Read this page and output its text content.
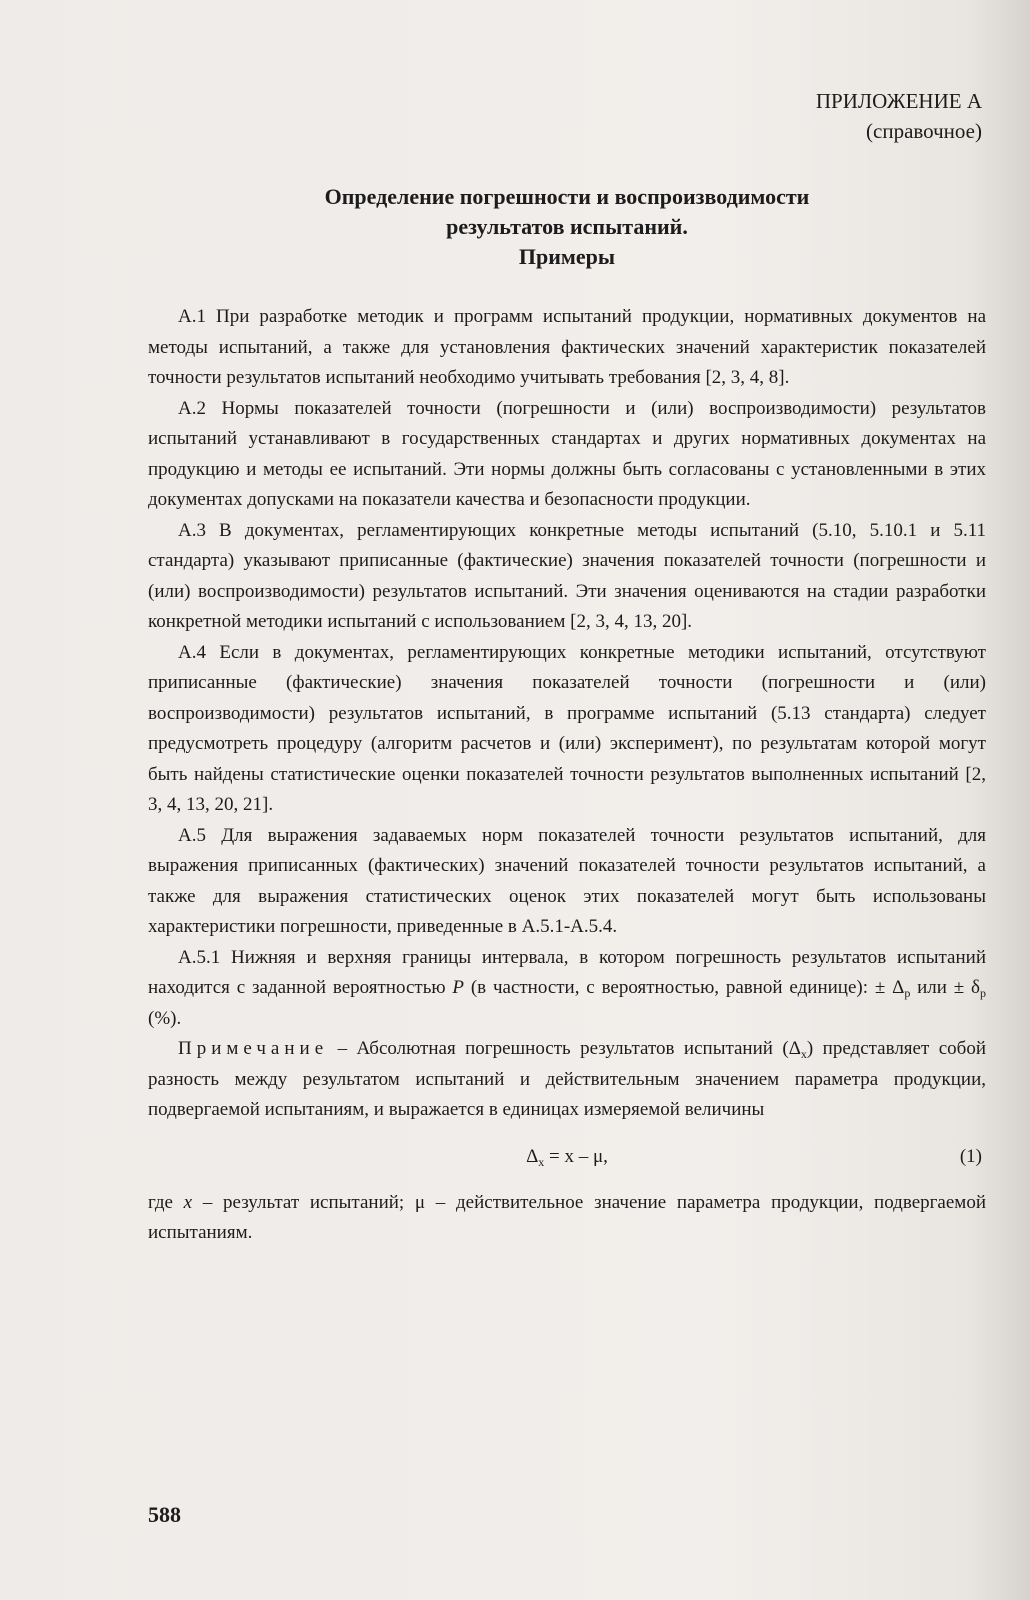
ПРИЛОЖЕНИЕ А
(справочное)
Определение погрешности и воспроизводимости
результатов испытаний.
Примеры

А.1 При разработке методик и программ испытаний продукции, нормативных документов на методы испытаний, а также для установления фактических значений характеристик показателей точности результатов испытаний необходимо учитывать требования [2, 3, 4, 8].

А.2 Нормы показателей точности (погрешности и (или) воспроизводимости) результатов испытаний устанавливают в государственных стандартах и других нормативных документах на продукцию и методы ее испытаний. Эти нормы должны быть согласованы с установленными в этих документах допусками на показатели качества и безопасности продукции.

А.3 В документах, регламентирующих конкретные методы испытаний (5.10, 5.10.1 и 5.11 стандарта) указывают приписанные (фактические) значения показателей точности (погрешности и (или) воспроизводимости) результатов испытаний. Эти значения оцениваются на стадии разработки конкретной методики испытаний с использованием [2, 3, 4, 13, 20].

А.4 Если в документах, регламентирующих конкретные методики испытаний, отсутствуют приписанные (фактические) значения показателей точности (погрешности и (или) воспроизводимости) результатов испытаний, в программе испытаний (5.13 стандарта) следует предусмотреть процедуру (алгоритм расчетов и (или) эксперимент), по результатам которой могут быть найдены статистические оценки показателей точности результатов выполненных испытаний [2, 3, 4, 13, 20, 21].

А.5 Для выражения задаваемых норм показателей точности результатов испытаний, для выражения приписанных (фактических) значений показателей точности результатов испытаний, а также для выражения статистических оценок этих показателей могут быть использованы характеристики погрешности, приведенные в А.5.1-А.5.4.

А.5.1 Нижняя и верхняя границы интервала, в котором погрешность результатов испытаний находится с заданной вероятностью P (в частности, с вероятностью, равной единице): ± $\Delta_р$ или ± $\delta_р$ (%).

Примечание – Абсолютная погрешность результатов испытаний $(\Delta_х)$ представляет собой разность между результатом испытаний и действительным значением параметра продукции, подвергаемой испытаниям, и выражается в единицах измеряемой величины

$\Delta_x = x - \mu$,	(1)

где x – результат испытаний; μ – действительное значение параметра продукции, подвергаемой испытаниям.

588
